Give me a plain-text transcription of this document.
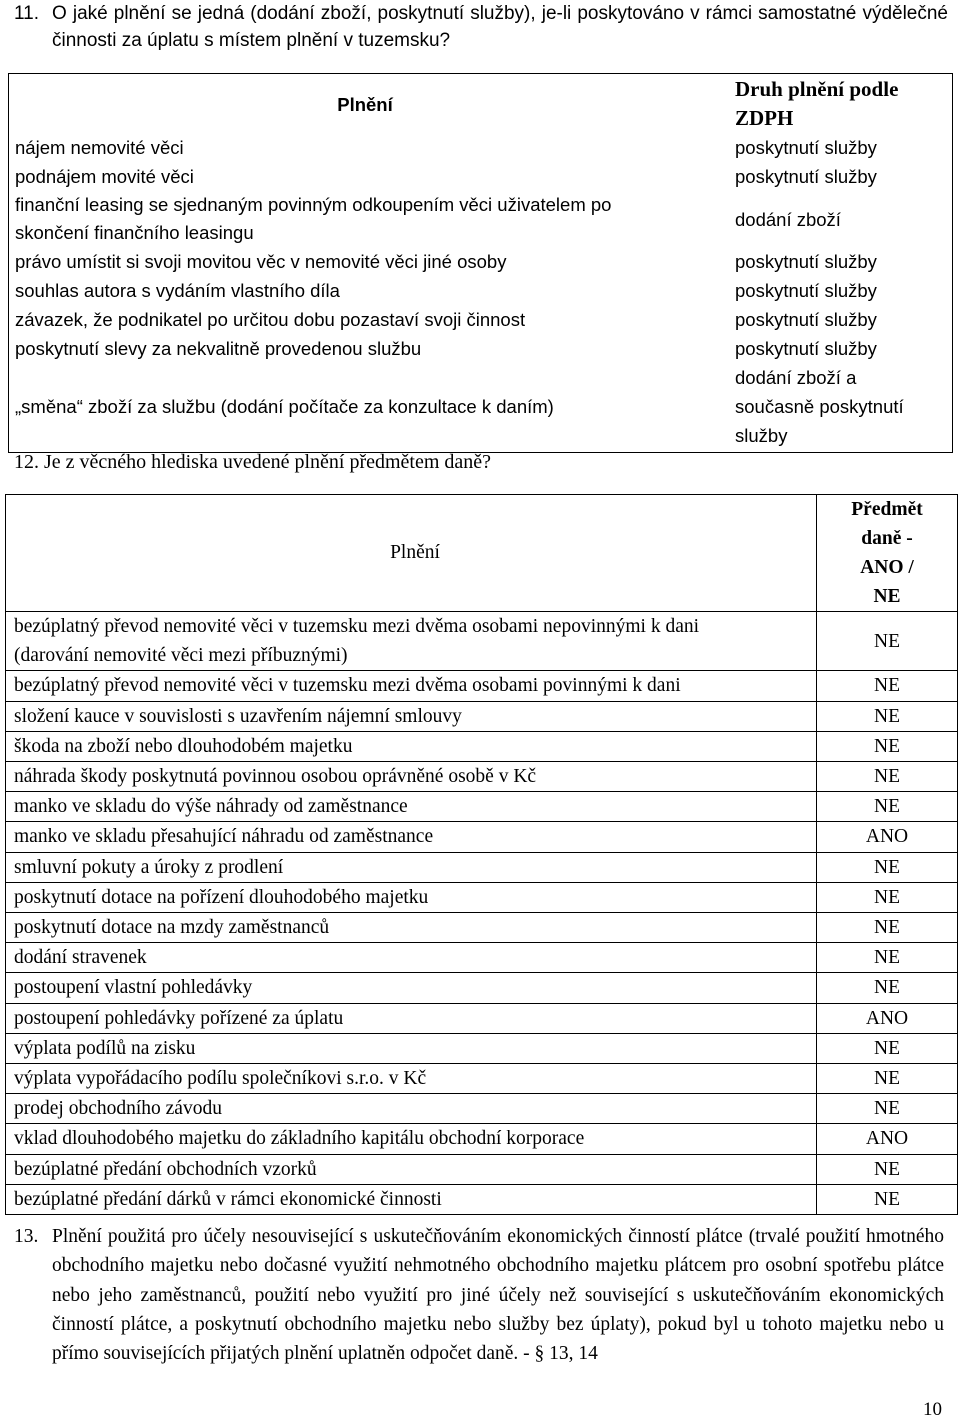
11. O jaké plnění se jedná (dodání zboží, poskytnutí služby), je-li poskytováno v rámci samostatné výdělečné činnosti za úplatu s místem plnění v tuzemsku?
Plnění	Druh plnění podle ZDPH
nájem nemovité věci	poskytnutí služby
podnájem movité věci	poskytnutí služby
finanční leasing se sjednaným povinným odkoupením věci uživatelem po skončení finančního leasingu	dodání zboží
právo umístit si svoji movitou věc v nemovité věci jiné osoby	poskytnutí služby
souhlas autora s vydáním vlastního díla	poskytnutí služby
závazek, že podnikatel po určitou dobu pozastaví svoji činnost	poskytnutí služby
poskytnutí slevy za nekvalitně provedenou službu	poskytnutí služby
„směna“ zboží za službu (dodání počítače za konzultace k daním)	dodání zboží a současně poskytnutí služby
12. Je z věcného hlediska uvedené plnění předmětem daně?
Plnění	Předmět daně - ANO / NE
bezúplatný převod nemovité věci v tuzemsku mezi dvěma osobami nepovinnými k dani (darování nemovité věci mezi příbuznými)	NE
bezúplatný převod nemovité věci v tuzemsku mezi dvěma osobami povinnými k dani	NE
složení kauce v souvislosti s uzavřením nájemní smlouvy	NE
škoda na zboží nebo dlouhodobém majetku	NE
náhrada škody poskytnutá povinnou osobou oprávněné osobě v Kč	NE
manko ve skladu do výše náhrady od zaměstnance	NE
manko ve skladu přesahující náhradu od zaměstnance	ANO
smluvní pokuty a úroky z prodlení	NE
poskytnutí dotace na pořízení dlouhodobého majetku	NE
poskytnutí dotace na mzdy zaměstnanců	NE
dodání stravenek	NE
postoupení vlastní pohledávky	NE
postoupení pohledávky pořízené za úplatu	ANO
výplata podílů na zisku	NE
výplata vypořádacího podílu společníkovi s.r.o. v Kč	NE
prodej obchodního závodu	NE
vklad dlouhodobého majetku do základního kapitálu obchodní korporace	ANO
bezúplatné předání obchodních vzorků	NE
bezúplatné předání dárků v rámci ekonomické činnosti	NE
13. Plnění použitá pro účely nesouvisející s uskutečňováním ekonomických činností plátce (trvalé použití hmotného obchodního majetku nebo dočasné využití nehmotného obchodního majetku plátcem pro osobní spotřebu plátce nebo jeho zaměstnanců, použití nebo využití pro jiné účely než související s uskutečňováním ekonomických činností plátce, a poskytnutí obchodního majetku nebo služby bez úplaty), pokud byl u tohoto majetku nebo u přímo souvisejících přijatých plnění uplatněn odpočet daně. - § 13, 14
10
